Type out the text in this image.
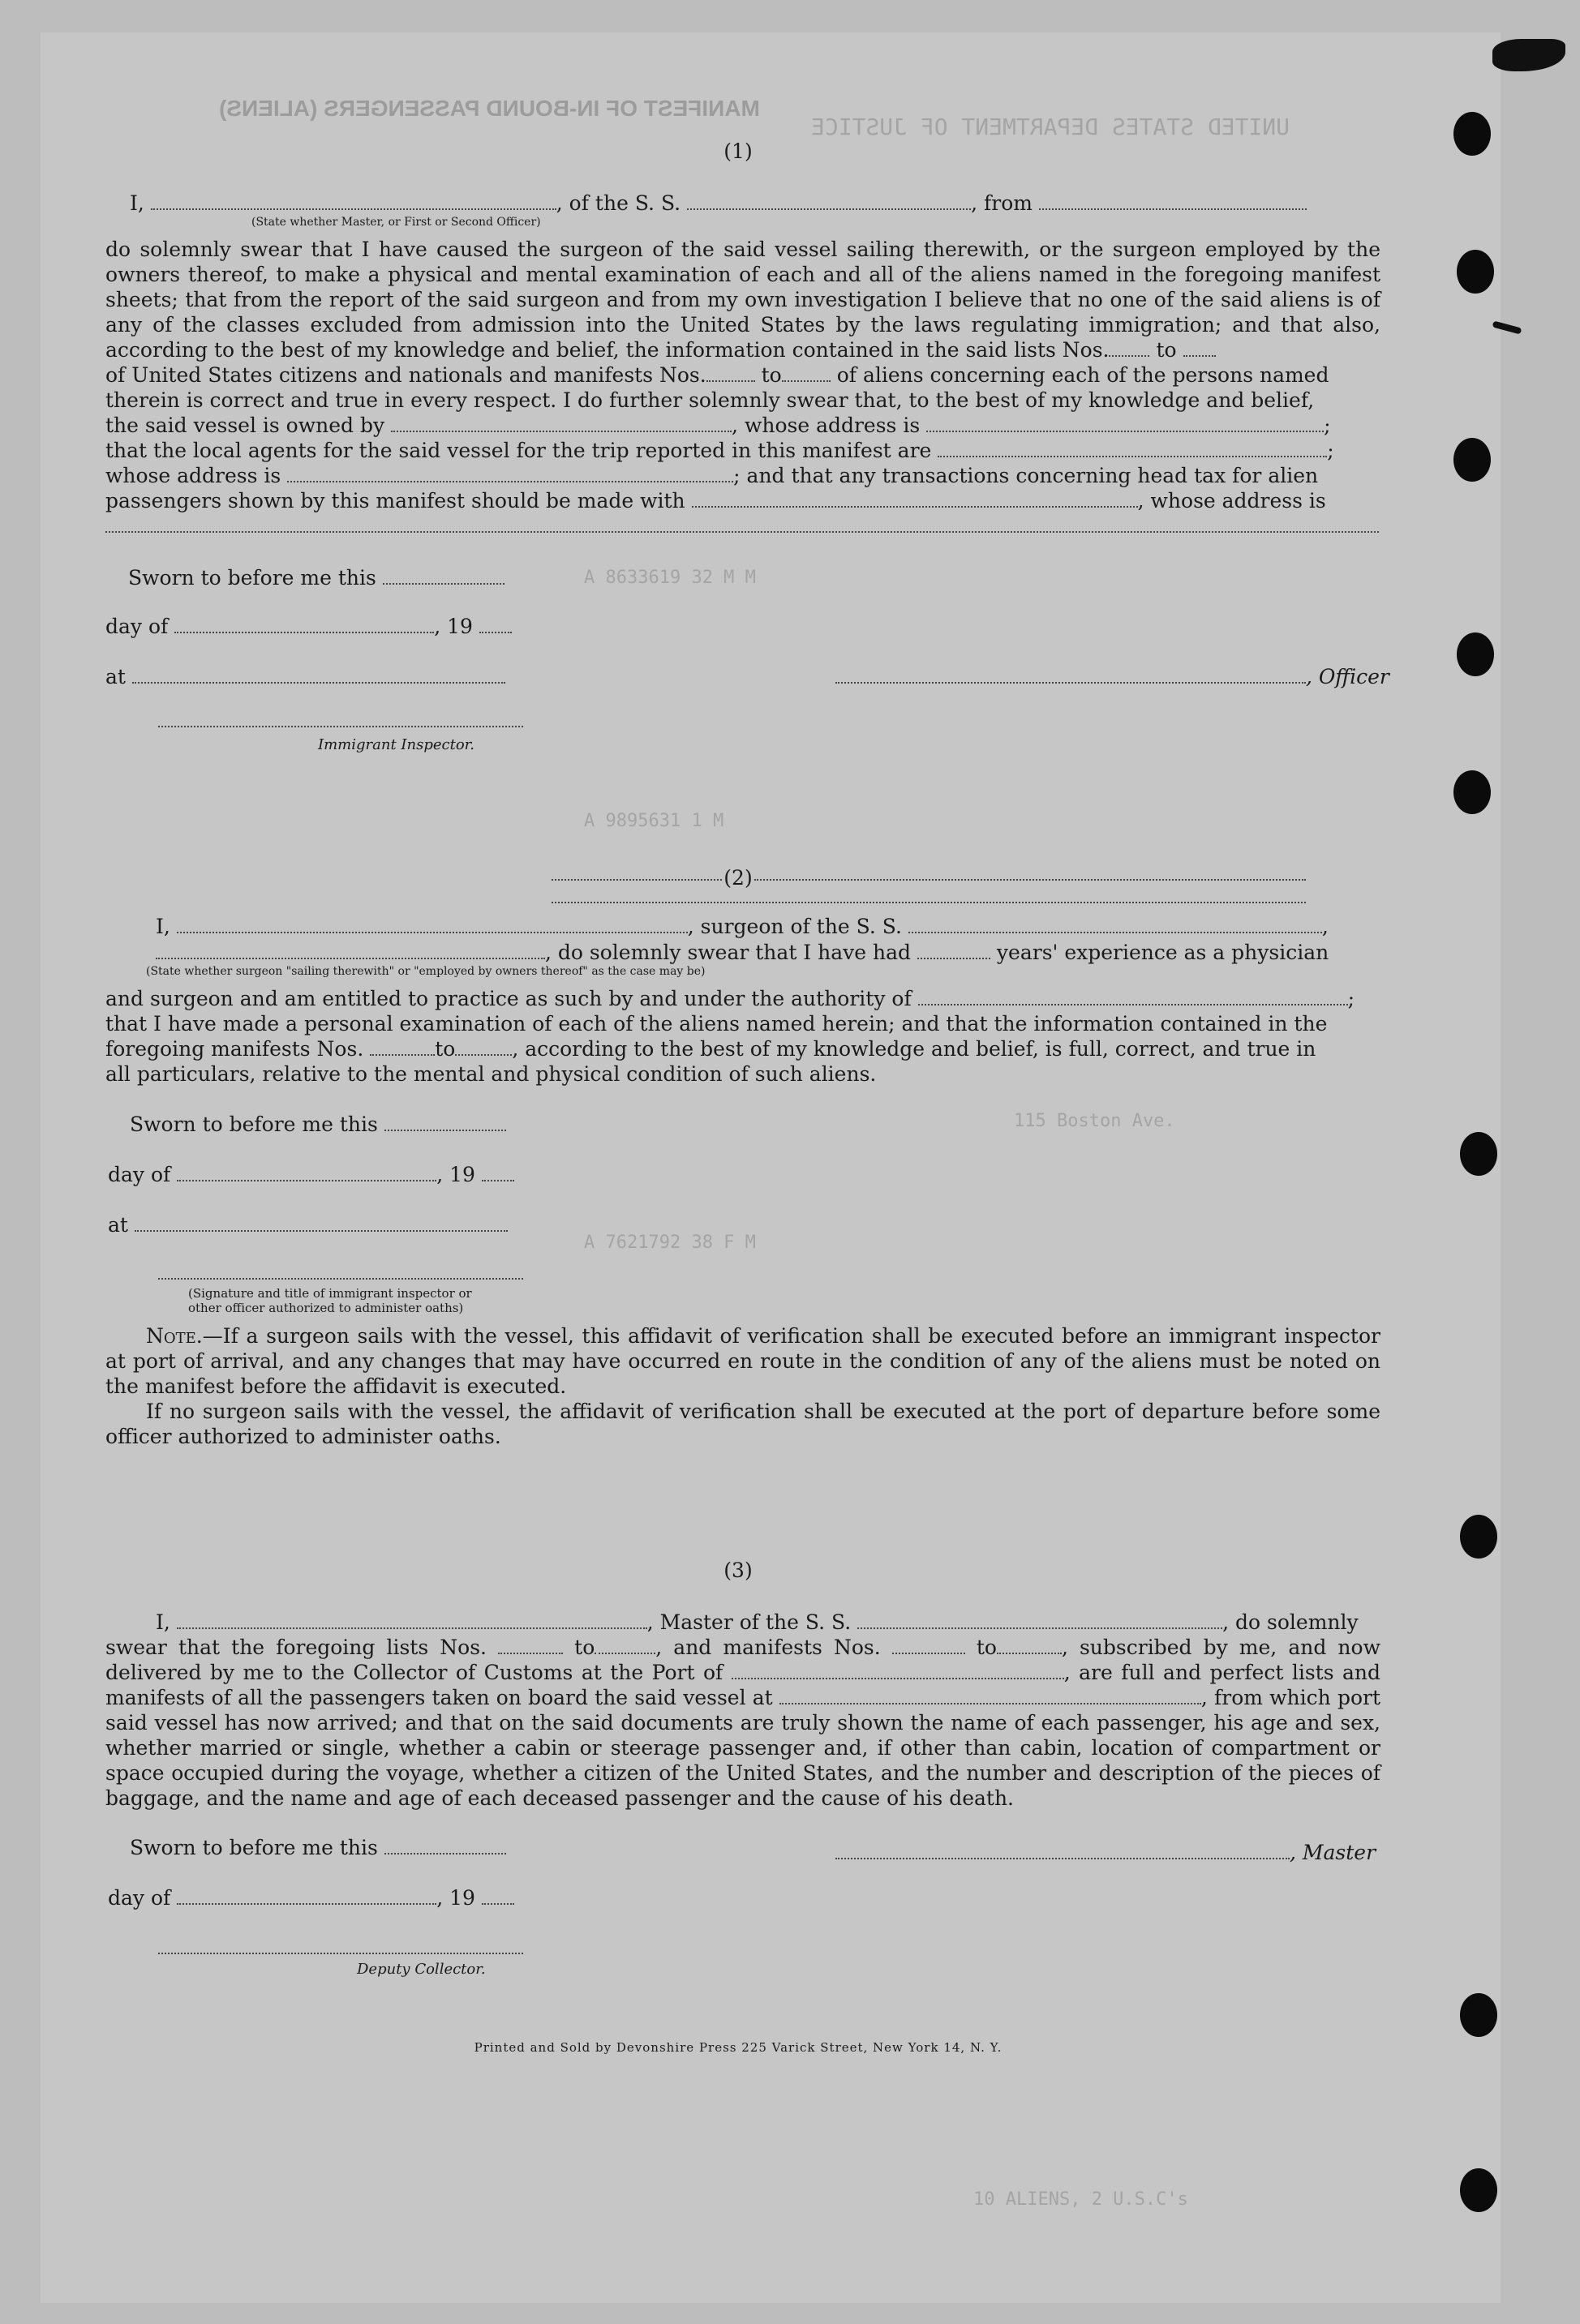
MANIFEST OF IN-BOUND PASSENGERS (ALIENS)
UNITED STATES DEPARTMENT OF JUSTICE
A 8633619 32 M M
A 9895631 1 M
115 Boston Ave.
A 7621792 38 F M
10 ALIENS, 2 U.S.C's
(1)
I,	, of the S. S.	, from
(State whether Master, or First or Second Officer)
do solemnly swear that I have caused the surgeon of the said vessel sailing therewith, or the surgeon employed by the owners thereof, to make a physical and mental examination of each and all of the aliens named in the foregoing manifest sheets; that from the report of the said surgeon and from my own investigation I believe that no one of the said aliens is of any of the classes excluded from admission into the United States by the laws regulating immigration; and that also, according to the best of my knowledge and belief, the information contained in the said lists Nos. to
of United States citizens and nationals and manifests Nos.	to	of aliens concerning each of the persons named
therein is correct and true in every respect. I do further solemnly swear that, to the best of my knowledge and belief,
the said vessel is owned by	, whose address is	;
that the local agents for the said vessel for the trip reported in this manifest are	;
whose address is	; and that any transactions concerning head tax for alien
passengers shown by this manifest should be made with	, whose address is

Sworn to before me this
day of	, 19
at	, Officer
Immigrant Inspector.
(2)
I,	, surgeon of the S. S.	,
, do solemnly swear that I have had	years' experience as a physician
(State whether surgeon "sailing therewith" or "employed by owners thereof" as the case may be)
and surgeon and am entitled to practice as such by and under the authority of	;
that I have made a personal examination of each of the aliens named herein; and that the information contained in the
foregoing manifests Nos.	to	, according to the best of my knowledge and belief, is full, correct, and true in
all particulars, relative to the mental and physical condition of such aliens.
Sworn to before me this
day of	, 19
at
(Signature and title of immigrant inspector or
other officer authorized to administer oaths)
  Note.—If a surgeon sails with the vessel, this affidavit of verification shall be executed before an immigrant inspector at port of arrival, and any changes that may have occurred en route in the condition of any of the aliens must be noted on the manifest before the affidavit is executed.
  If no surgeon sails with the vessel, the affidavit of verification shall be executed at the port of departure before some officer authorized to administer oaths.
(3)
I,	, Master of the S. S.	, do solemnly
swear that the foregoing lists Nos.	to	, and manifests Nos.	to	, subscribed by me, and now delivered by me to the Collector of Customs at the Port of	, are full and perfect lists and manifests of all the passengers taken on board the said vessel at	, from which port said vessel has now arrived; and that on the said documents are truly shown the name of each passenger, his age and sex, whether married or single, whether a cabin or steerage passenger and, if other than cabin, location of compartment or space occupied during the voyage, whether a citizen of the United States, and the number and description of the pieces of baggage, and the name and age of each deceased passenger and the cause of his death.
Sworn to before me this	, Master
day of	, 19
Deputy Collector.
Printed and Sold by Devonshire Press 225 Varick Street, New York 14, N. Y.
